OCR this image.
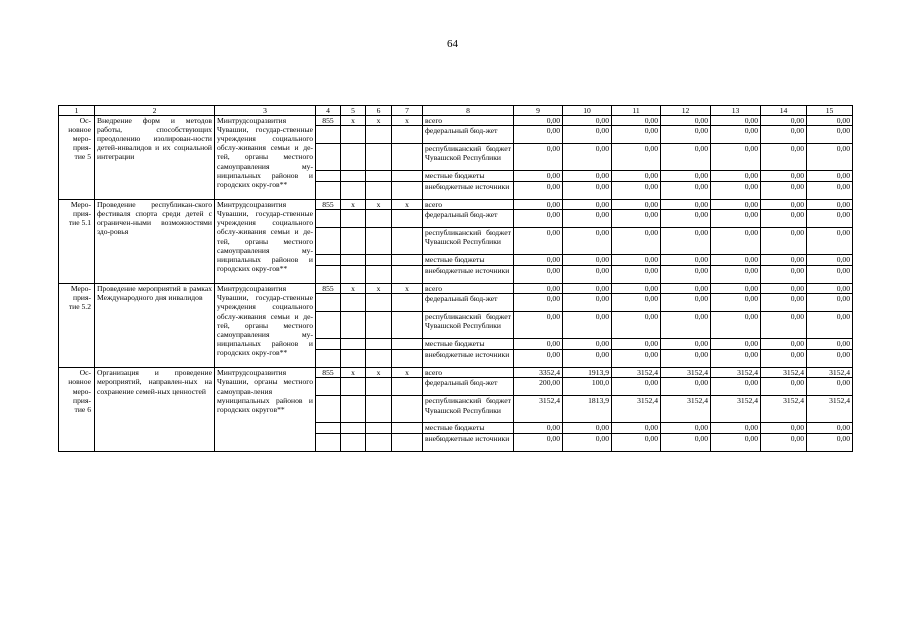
64
1	2	3	4	5	6	7	8	9	10	11	12	13	14	15
Ос-
новное
меро-
прия-
тие 5	Внедрение форм и методов работы, способствующих преодолению изолирован-ности детей-инвалидов и их социальной интеграции	Минтрудсоцразвития Чувашии, государ-ственные учреждения социального обслу-живания семьи и де-тей, органы местного самоуправления му-ниципальных районов и городских окру-гов**	855	x	x	x	всего	0,00	0,00	0,00	0,00	0,00	0,00	0,00
							федеральный бюд-жет	0,00	0,00	0,00	0,00	0,00	0,00	0,00
							республиканский бюджет Чувашской Республики	0,00	0,00	0,00	0,00	0,00	0,00	0,00
							местные бюджеты	0,00	0,00	0,00	0,00	0,00	0,00	0,00
							внебюджетные источники	0,00	0,00	0,00	0,00	0,00	0,00	0,00
Меро-
прия-
тие 5.1	Проведение республикан-ского фестиваля спорта среди детей с ограничен-ными возможностями здо-ровья	Минтрудсоцразвития Чувашии, государ-ственные учреждения социального обслу-живания семьи и де-тей, органы местного самоуправления му-ниципальных районов и городских окру-гов**	855	x	x	x	всего	0,00	0,00	0,00	0,00	0,00	0,00	0,00
							федеральный бюд-жет	0,00	0,00	0,00	0,00	0,00	0,00	0,00
							республиканский бюджет Чувашской Республики	0,00	0,00	0,00	0,00	0,00	0,00	0,00
							местные бюджеты	0,00	0,00	0,00	0,00	0,00	0,00	0,00
							внебюджетные источники	0,00	0,00	0,00	0,00	0,00	0,00	0,00
Меро-
прия-
тие 5.2	Проведение мероприятий в рамках Международного дня инвалидов	Минтрудсоцразвития Чувашии, государ-ственные учреждения социального обслу-живания семьи и де-тей, органы местного самоуправления му-ниципальных районов и городских окру-гов**	855	x	x	x	всего	0,00	0,00	0,00	0,00	0,00	0,00	0,00
							федеральный бюд-жет	0,00	0,00	0,00	0,00	0,00	0,00	0,00
							республиканский бюджет Чувашской Республики	0,00	0,00	0,00	0,00	0,00	0,00	0,00
							местные бюджеты	0,00	0,00	0,00	0,00	0,00	0,00	0,00
							внебюджетные источники	0,00	0,00	0,00	0,00	0,00	0,00	0,00
Ос-
новное
меро-
прия-
тие 6	Организация и проведение мероприятий, направлен-ных на сохранение семей-ных ценностей	Минтрудсоцразвития Чувашии, органы местного самоуправ-ления муниципальных районов и городских округов**	855	x	x	x	всего	3352,4	1913,9	3152,4	3152,4	3152,4	3152,4	3152,4
							федеральный бюд-жет	200,00	100,0	0,00	0,00	0,00	0,00	0,00
							республиканский бюджет Чувашской Республики	3152,4	1813,9	3152,4	3152,4	3152,4	3152,4	3152,4
							местные бюджеты	0,00	0,00	0,00	0,00	0,00	0,00	0,00
							внебюджетные источники	0,00	0,00	0,00	0,00	0,00	0,00	0,00
